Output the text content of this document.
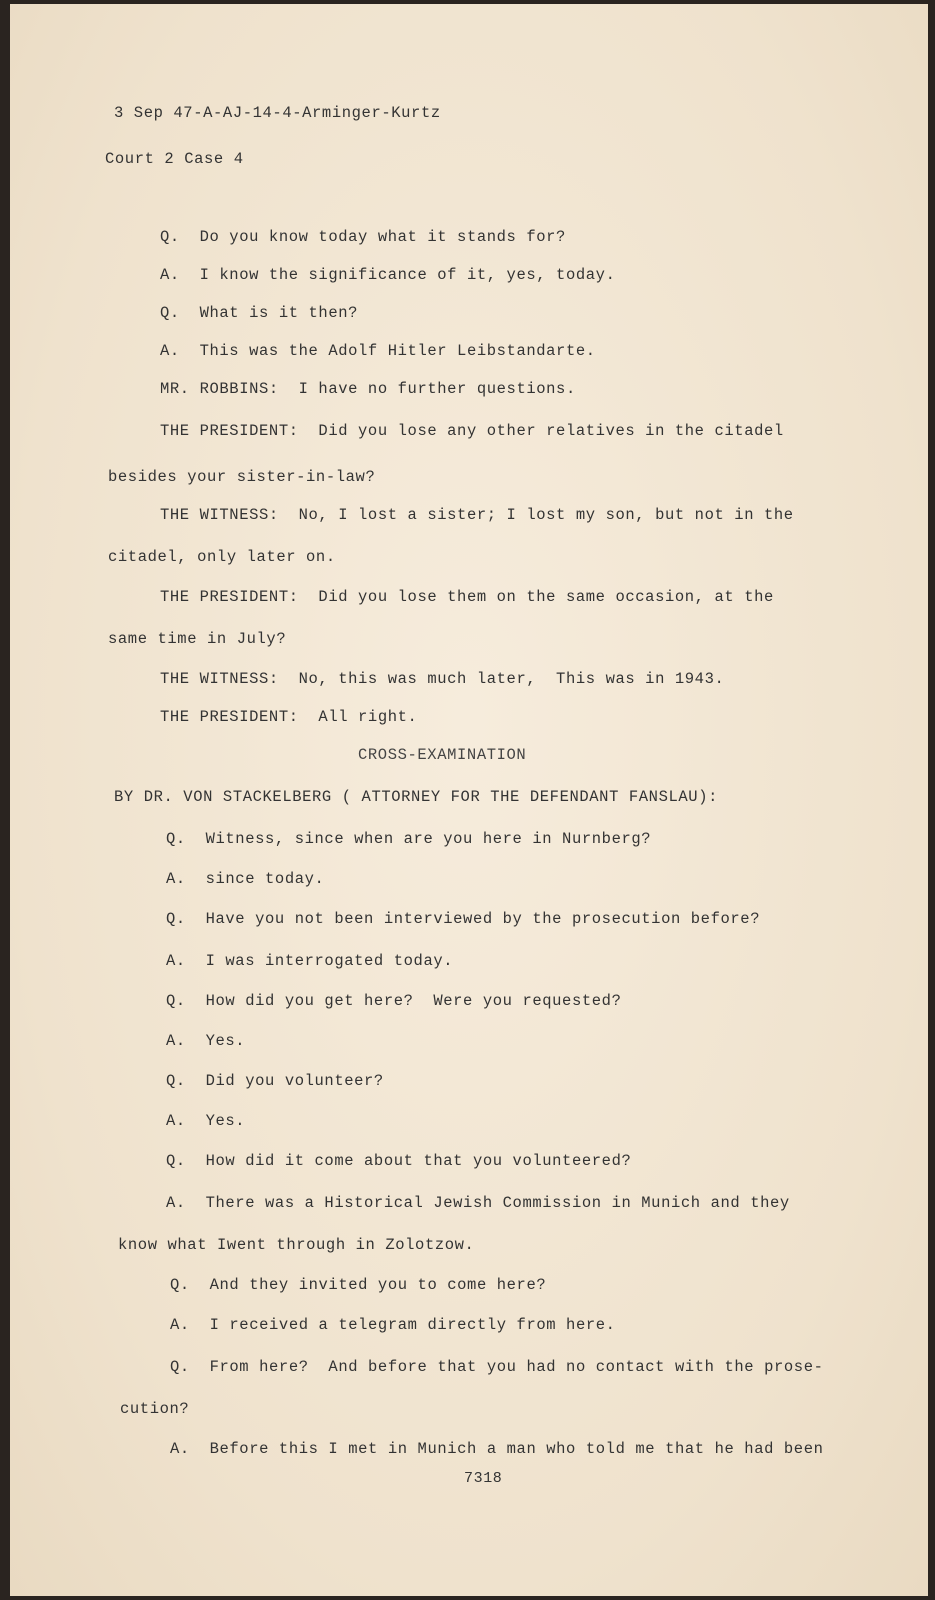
3 Sep 47-A-AJ-14-4-Arminger-Kurtz
Court 2 Case 4
Q.  Do you know today what it stands for?
A.  I know the significance of it, yes, today.
Q.  What is it then?
A.  This was the Adolf Hitler Leibstandarte.
MR. ROBBINS:  I have no further questions.
THE PRESIDENT:  Did you lose any other relatives in the citadel
besides your sister-in-law?
THE WITNESS:  No, I lost a sister; I lost my son, but not in the
citadel, only later on.
THE PRESIDENT:  Did you lose them on the same occasion, at the
same time in July?
THE WITNESS:  No, this was much later,  This was in 1943.
THE PRESIDENT:  All right.
CROSS-EXAMINATION
BY DR. VON STACKELBERG ( ATTORNEY FOR THE DEFENDANT FANSLAU):
Q.  Witness, since when are you here in Nurnberg?
A.  since today.
Q.  Have you not been interviewed by the prosecution before?
A.  I was interrogated today.
Q.  How did you get here?  Were you requested?
A.  Yes.
Q.  Did you volunteer?
A.  Yes.
Q.  How did it come about that you volunteered?
A.  There was a Historical Jewish Commission in Munich and they
know what Iwent through in Zolotzow.
Q.  And they invited you to come here?
A.  I received a telegram directly from here.
Q.  From here?  And before that you had no contact with the prose-
cution?
A.  Before this I met in Munich a man who told me that he had been
7318
